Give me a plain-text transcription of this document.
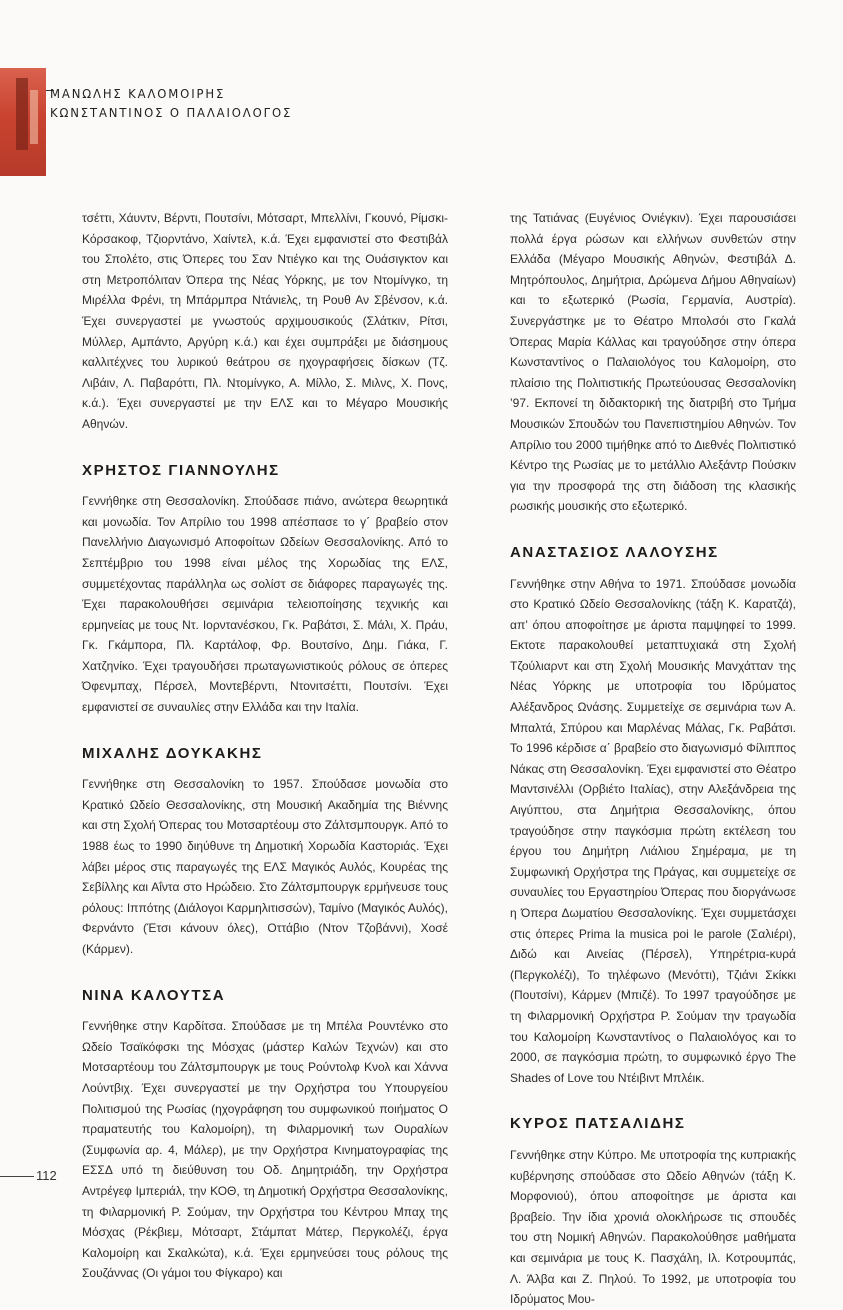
ΜΑΝΩΛΗΣ ΚΑΛΟΜΟΙΡΗΣ
ΚΩΝΣΤΑΝΤΙΝΟΣ Ο ΠΑΛΑΙΟΛΟΓΟΣ

τσέττι, Χάυντν, Βέρντι, Πουτσίνι, Μότσαρτ, Μπελλίνι, Γκουνό, Ρίμσκι-Κόρσακοφ, Τζιορντάνο, Χαίντελ, κ.ά. Έχει εμφανιστεί στο Φεστιβάλ του Σπολέτο, στις Όπερες του Σαν Ντιέγκο και της Ουάσιγκτον και στη Μετροπόλιταν Όπερα της Νέας Υόρκης, με τον Ντομίνγκο, τη Μιρέλλα Φρένι, τη Μπάρμπρα Ντάνιελς, τη Ρουθ Αν Σβένσον, κ.ά. Έχει συνεργαστεί με γνωστούς αρχιμουσικούς (Σλάτκιν, Ρίτσι, Μύλλερ, Αμπάντο, Αργύρη κ.ά.) και έχει συμπράξει με διάσημους καλλιτέχνες του λυρικού θεάτρου σε ηχογραφήσεις δίσκων (Τζ. Λιβάιν, Λ. Παβαρόττι, Πλ. Ντομίνγκο, Α. Μίλλο, Σ. Μιλνς, Χ. Πονς, κ.ά.). Έχει συνεργαστεί με την ΕΛΣ και το Μέγαρο Μουσικής Αθηνών.

ΧΡΗΣΤΟΣ ΓΙΑΝΝΟΥΛΗΣ

Γεννήθηκε στη Θεσσαλονίκη. Σπούδασε πιάνο, ανώτερα θεωρητικά και μονωδία. Τον Απρίλιο του 1998 απέσπασε το γ΄ βραβείο στον Πανελλήνιο Διαγωνισμό Αποφοίτων Ωδείων Θεσσαλονίκης. Από το Σεπτέμβριο του 1998 είναι μέλος της Χορωδίας της ΕΛΣ, συμμετέχοντας παράλληλα ως σολίστ σε διάφορες παραγωγές της. Έχει παρακολουθήσει σεμινάρια τελειοποίησης τεχνικής και ερμηνείας με τους Ντ. Ιορντανέσκου, Γκ. Ραβάτσι, Σ. Μάλι, Χ. Πράυ, Γκ. Γκάμπορα, Πλ. Καρτάλοφ, Φρ. Βουτσίνο, Δημ. Γιάκα, Γ. Χατζηνίκο. Έχει τραγουδήσει πρωταγωνιστικούς ρόλους σε όπερες Όφενμπαχ, Πέρσελ, Μοντεβέρντι, Ντονιτσέττι, Πουτσίνι. Έχει εμφανιστεί σε συναυλίες στην Ελλάδα και την Ιταλία.

ΜΙΧΑΛΗΣ ΔΟΥΚΑΚΗΣ

Γεννήθηκε στη Θεσσαλονίκη το 1957. Σπούδασε μονωδία στο Κρατικό Ωδείο Θεσσαλονίκης, στη Μουσική Ακαδημία της Βιέννης και στη Σχολή Όπερας του Μοτσαρτέουμ στο Ζάλτσμπουργκ. Από το 1988 έως το 1990 διηύθυνε τη Δημοτική Χορωδία Καστοριάς. Έχει λάβει μέρος στις παραγωγές της ΕΛΣ Μαγικός Αυλός, Κουρέας της Σεβίλλης και Αΐντα στο Ηρώδειο. Στο Ζάλτσμπουργκ ερμήνευσε τους ρόλους: Ιππότης (Διάλογοι Καρμηλιτισσών), Ταμίνο (Μαγικός Αυλός), Φερνάντο (Έτσι κάνουν όλες), Οττάβιο (Ντον Τζοβάννι), Χοσέ (Κάρμεν).

ΝΙΝΑ ΚΑΛΟΥΤΣΑ

Γεννήθηκε στην Καρδίτσα. Σπούδασε με τη Μπέλα Ρουντένκο στο Ωδείο Τσαϊκόφσκι της Μόσχας (μάστερ Καλών Τεχνών) και στο Μοτσαρτέουμ του Ζάλτσμπουργκ με τους Ρούντολφ Κνολ και Χάννα Λούντβιχ. Έχει συνεργαστεί με την Ορχήστρα του Υπουργείου Πολιτισμού της Ρωσίας (ηχογράφηση του συμφωνικού ποιήματος Ο πραματευτής του Καλομοίρη), τη Φιλαρμονική των Ουραλίων (Συμφωνία αρ. 4, Μάλερ), με την Ορχήστρα Κινηματογραφίας της ΕΣΣΔ υπό τη διεύθυνση του Οδ. Δημητριάδη, την Ορχήστρα Αντρέγεφ Ιμπεριάλ, την ΚΟΘ, τη Δημοτική Ορχήστρα Θεσσαλονίκης, τη Φιλαρμονική Ρ. Σούμαν, την Ορχήστρα του Κέντρου Μπαχ της Μόσχας (Ρέκβιεμ, Μότσαρτ, Στάμπατ Μάτερ, Περγκολέζι, έργα Καλομοίρη και Σκαλκώτα), κ.ά. Έχει ερμηνεύσει τους ρόλους της Σουζάννας (Οι γάμοι του Φίγκαρο) και

της Τατιάνας (Ευγένιος Ονιέγκιν). Έχει παρουσιάσει πολλά έργα ρώσων και ελλήνων συνθετών στην Ελλάδα (Μέγαρο Μουσικής Αθηνών, Φεστιβάλ Δ. Μητρόπουλος, Δημήτρια, Δρώμενα Δήμου Αθηναίων) και το εξωτερικό (Ρωσία, Γερμανία, Αυστρία). Συνεργάστηκε με το Θέατρο Μπολσόι στο Γκαλά Όπερας Μαρία Κάλλας και τραγούδησε στην όπερα Κωνσταντίνος ο Παλαιολόγος του Καλομοίρη, στο πλαίσιο της Πολιτιστικής Πρωτεύουσας Θεσσαλονίκη ’97. Εκπονεί τη διδακτορική της διατριβή στο Τμήμα Μουσικών Σπουδών του Πανεπιστημίου Αθηνών. Τον Απρίλιο του 2000 τιμήθηκε από το Διεθνές Πολιτιστικό Κέντρο της Ρωσίας με το μετάλλιο Αλεξάντρ Πούσκιν για την προσφορά της στη διάδοση της κλασικής ρωσικής μουσικής στο εξωτερικό.

ΑΝΑΣΤΑΣΙΟΣ ΛΑΛΟΥΣΗΣ

Γεννήθηκε στην Αθήνα το 1971. Σπούδασε μονωδία στο Κρατικό Ωδείο Θεσσαλονίκης (τάξη Κ. Καρατζά), απ’ όπου αποφοίτησε με άριστα παμψηφεί το 1999. Εκτοτε παρακολουθεί μεταπτυχιακά στη Σχολή Τζούλιαρντ και στη Σχολή Μουσικής Μανχάτταν της Νέας Υόρκης με υποτροφία του Ιδρύματος Αλέξανδρος Ωνάσης. Συμμετείχε σε σεμινάρια των Α. Μπαλτά, Σπύρου και Μαρλένας Μάλας, Γκ. Ραβάτσι. Το 1996 κέρδισε α΄ βραβείο στο διαγωνισμό Φίλιππος Νάκας στη Θεσσαλονίκη. Έχει εμφανιστεί στο Θέατρο Μαντσινέλλι (Ορβιέτο Ιταλίας), στην Αλεξάνδρεια της Αιγύπτου, στα Δημήτρια Θεσσαλονίκης, όπου τραγούδησε στην παγκόσμια πρώτη εκτέλεση του έργου του Δημήτρη Λιάλιου Σημέραμα, με τη Συμφωνική Ορχήστρα της Πράγας, και συμμετείχε σε συναυλίες του Εργαστηρίου Όπερας που διοργάνωσε η Όπερα Δωματίου Θεσσαλονίκης. Έχει συμμετάσχει στις όπερες Prima la musica poi le parole (Σαλιέρι), Διδώ και Αινείας (Πέρσελ), Υπηρέτρια-κυρά (Περγκολέζι), Το τηλέφωνο (Μενόττι), Τζιάνι Σκίκκι (Πουτσίνι), Κάρμεν (Μπιζέ). Το 1997 τραγούδησε με τη Φιλαρμονική Ορχήστρα Ρ. Σούμαν την τραγωδία του Καλομοίρη Κωνσταντίνος ο Παλαιολόγος και το 2000, σε παγκόσμια πρώτη, το συμφωνικό έργο The Shades of Love του Ντέιβιντ Μπλέικ.

ΚΥΡΟΣ ΠΑΤΣΑΛΙΔΗΣ

Γεννήθηκε στην Κύπρο. Με υποτροφία της κυπριακής κυβέρνησης σπούδασε στο Ωδείο Αθηνών (τάξη Κ. Μορφονιού), όπου αποφοίτησε με άριστα και βραβείο. Την ίδια χρονιά ολοκλήρωσε τις σπουδές του στη Νομική Αθηνών. Παρακολούθησε μαθήματα και σεμινάρια με τους Κ. Πασχάλη, Ιλ. Κοτρουμπάς, Λ. Άλβα και Ζ. Πηλού. Το 1992, με υποτροφία του Ιδρύματος Μου-

112
